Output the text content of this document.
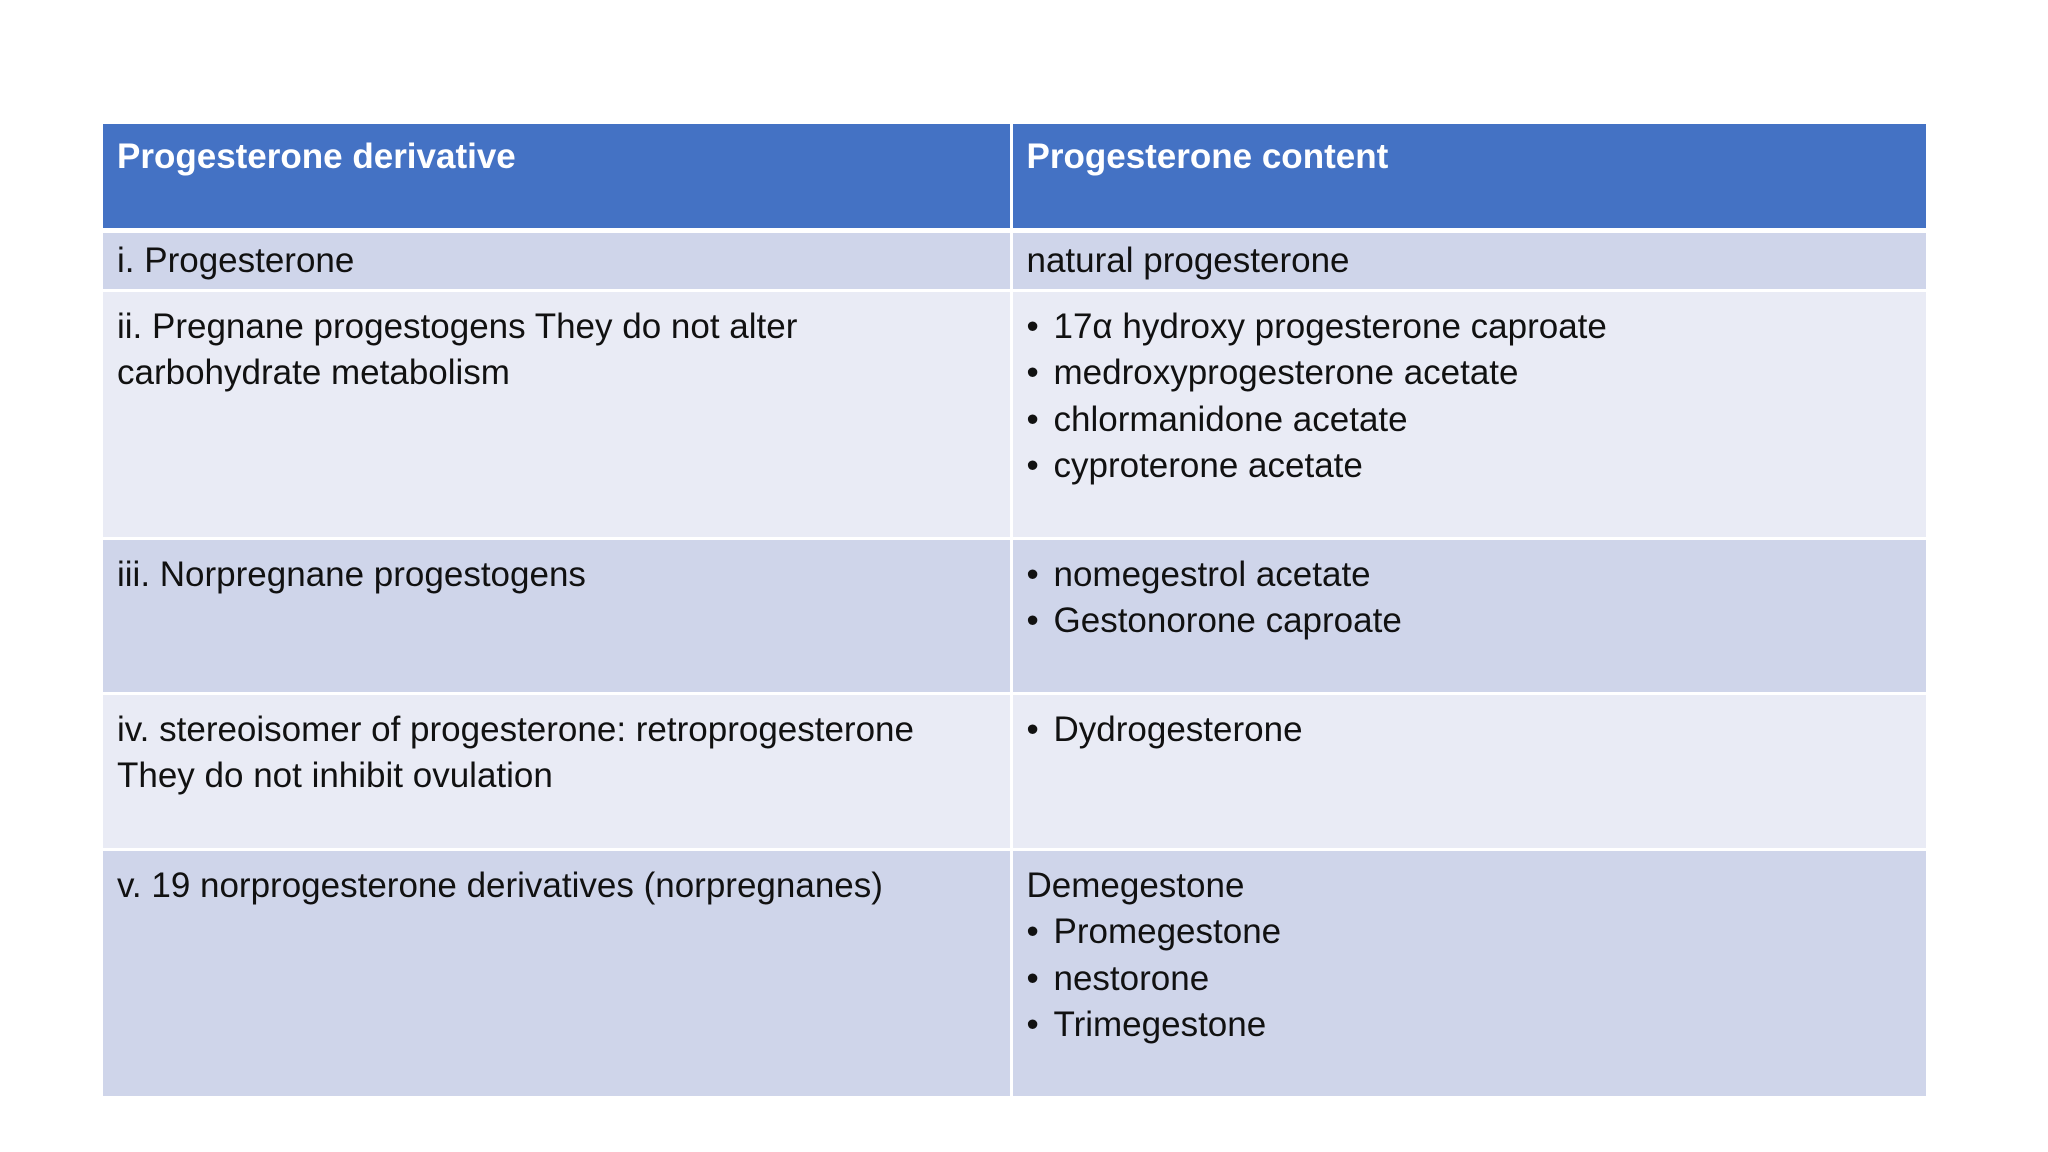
Progesterone derivative	Progesterone content
i. Progesterone	natural progesterone

ii. Pregnane progestogens They do not alter carbohydrate metabolism	• 17α hydroxy progesterone caproate
• medroxyprogesterone acetate
• chlormanidone acetate
• cyproterone acetate

iii. Norpregnane progestogens	• nomegestrol acetate
• Gestonorone caproate

iv. stereoisomer of progesterone: retroprogesterone They do not inhibit ovulation	• Dydrogesterone

v. 19 norprogesterone derivatives (norpregnanes)	Demegestone
• Promegestone
• nestorone
• Trimegestone
